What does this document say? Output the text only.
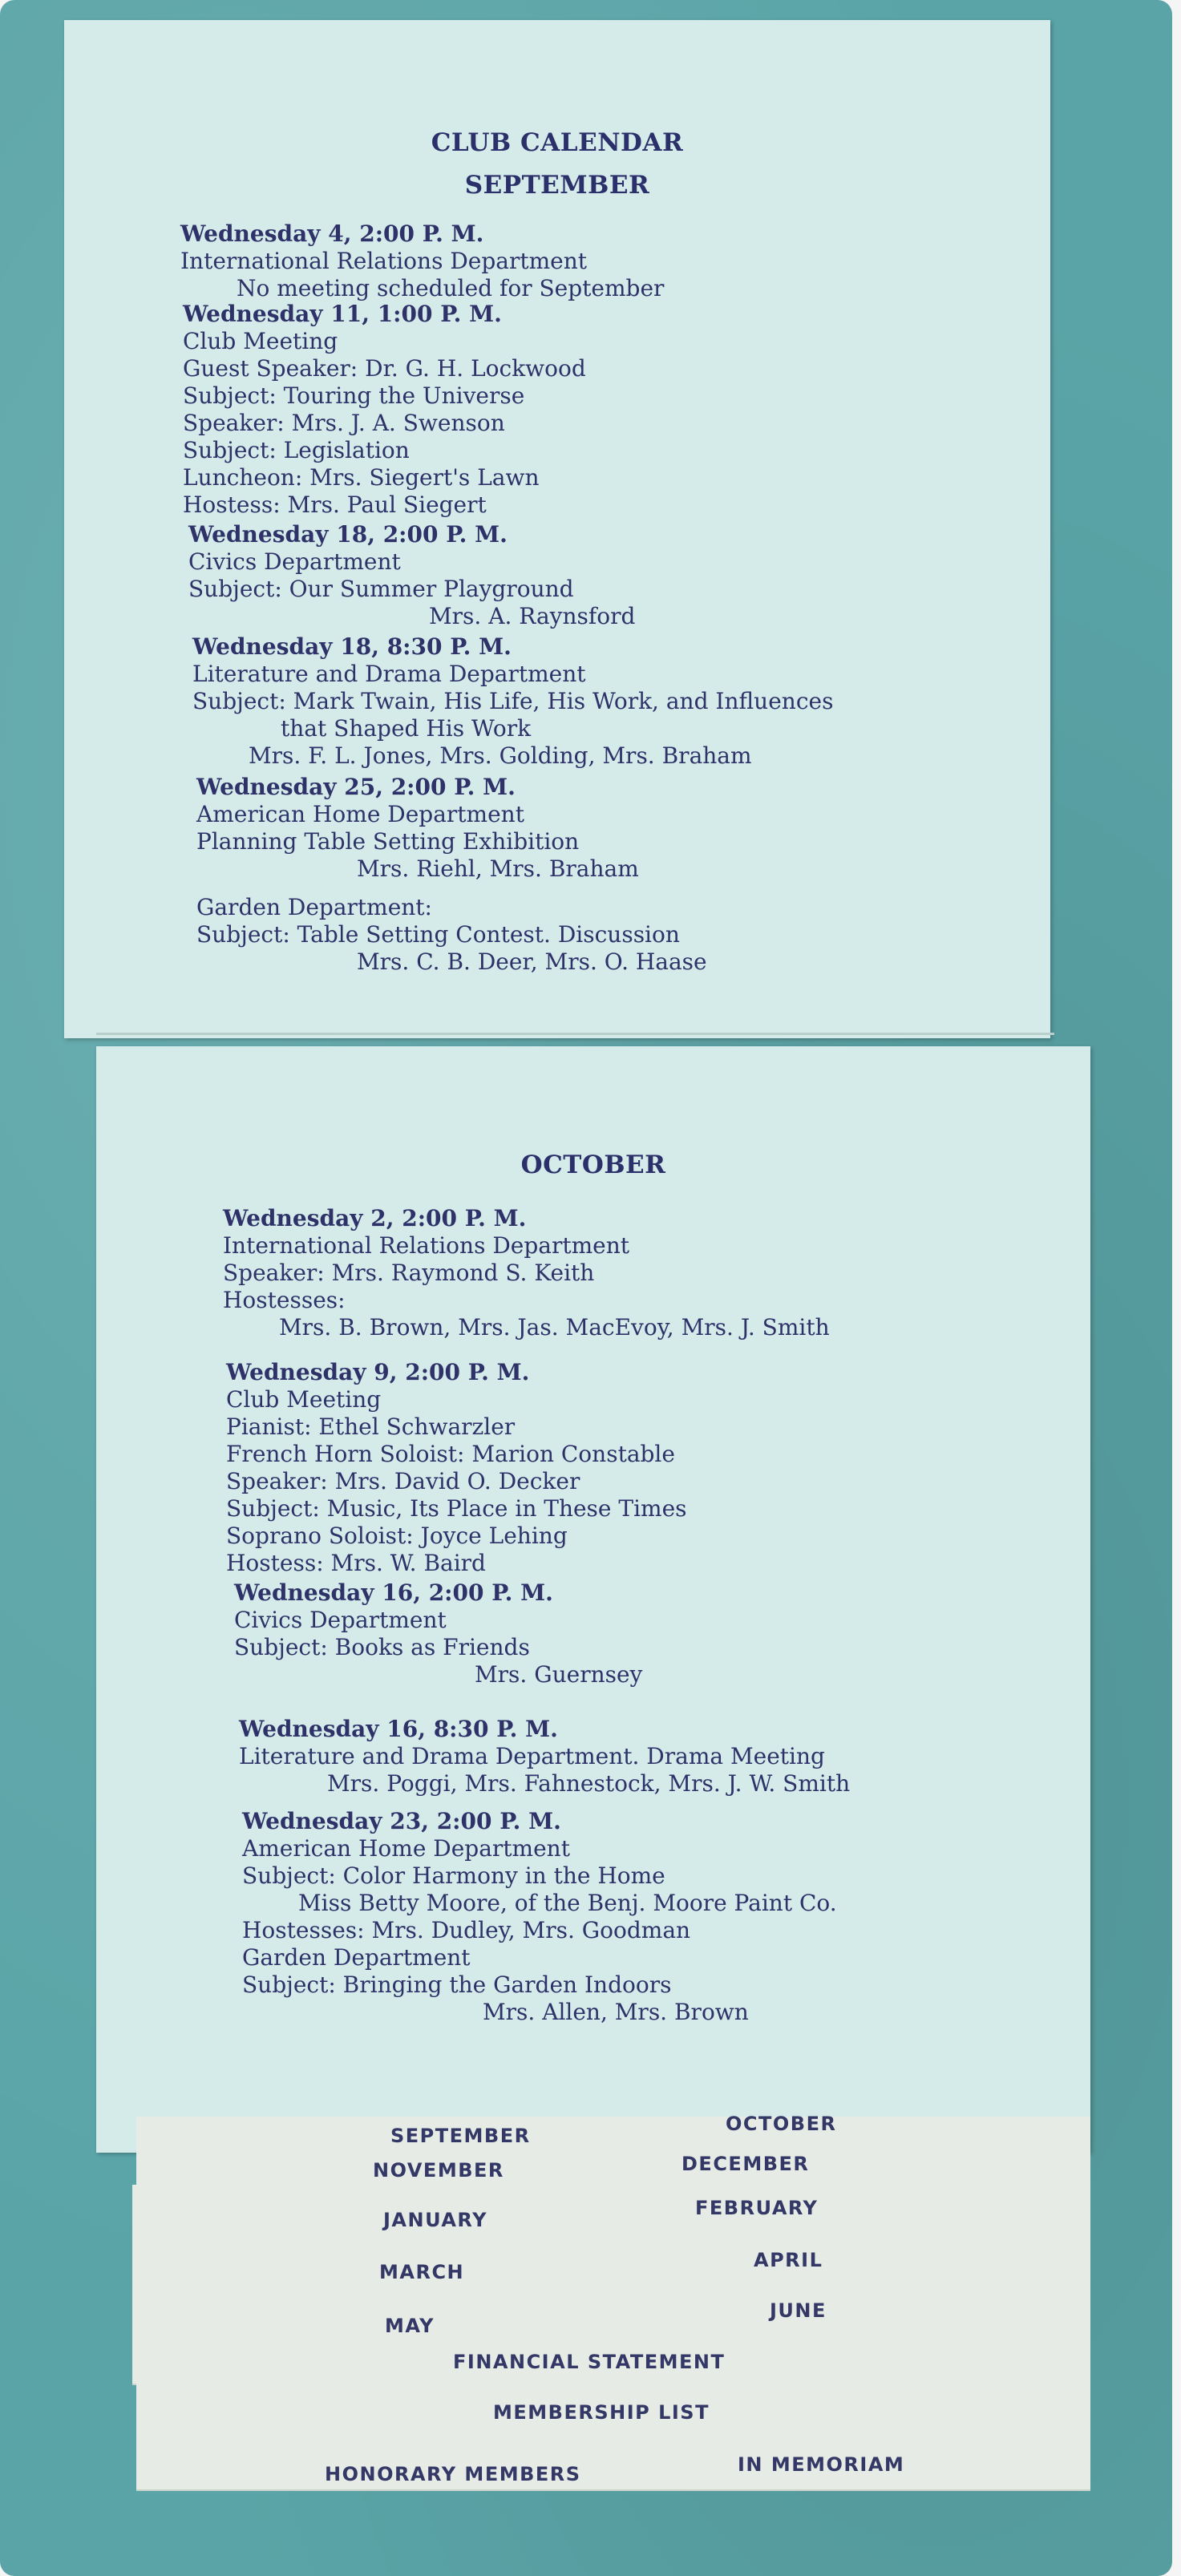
CLUB CALENDAR
SEPTEMBER
Wednesday 4, 2:00 P. M.
International Relations Department
No meeting scheduled for September
Wednesday 11, 1:00 P. M.
Club Meeting
Guest Speaker: Dr. G. H. Lockwood
Subject: Touring the Universe
Speaker: Mrs. J. A. Swenson
Subject: Legislation
Luncheon: Mrs. Siegert's Lawn
Hostess: Mrs. Paul Siegert
Wednesday 18, 2:00 P. M.
Civics Department
Subject: Our Summer Playground
Mrs. A. Raynsford
Wednesday 18, 8:30 P. M.
Literature and Drama Department
Subject: Mark Twain, His Life, His Work, and Influences
that Shaped His Work
Mrs. F. L. Jones, Mrs. Golding, Mrs. Braham
Wednesday 25, 2:00 P. M.
American Home Department
Planning Table Setting Exhibition
Mrs. Riehl, Mrs. Braham
Garden Department:
Subject: Table Setting Contest. Discussion
Mrs. C. B. Deer, Mrs. O. Haase
OCTOBER
Wednesday 2, 2:00 P. M.
International Relations Department
Speaker: Mrs. Raymond S. Keith
Hostesses:
Mrs. B. Brown, Mrs. Jas. MacEvoy, Mrs. J. Smith
Wednesday 9, 2:00 P. M.
Club Meeting
Pianist: Ethel Schwarzler
French Horn Soloist: Marion Constable
Speaker: Mrs. David O. Decker
Subject: Music, Its Place in These Times
Soprano Soloist: Joyce Lehing
Hostess: Mrs. W. Baird
Wednesday 16, 2:00 P. M.
Civics Department
Subject: Books as Friends
Mrs. Guernsey
Wednesday 16, 8:30 P. M.
Literature and Drama Department. Drama Meeting
Mrs. Poggi, Mrs. Fahnestock, Mrs. J. W. Smith
Wednesday 23, 2:00 P. M.
American Home Department
Subject: Color Harmony in the Home
Miss Betty Moore, of the Benj. Moore Paint Co.
Hostesses: Mrs. Dudley, Mrs. Goodman
Garden Department
Subject: Bringing the Garden Indoors
Mrs. Allen, Mrs. Brown
SEPTEMBER
OCTOBER
NOVEMBER	DECEMBER
JANUARY
FEBRUARY
MARCH
APRIL
MAY
JUNE
FINANCIAL STATEMENT
MEMBERSHIP LIST
HONORARY MEMBERS	IN MEMORIAM
